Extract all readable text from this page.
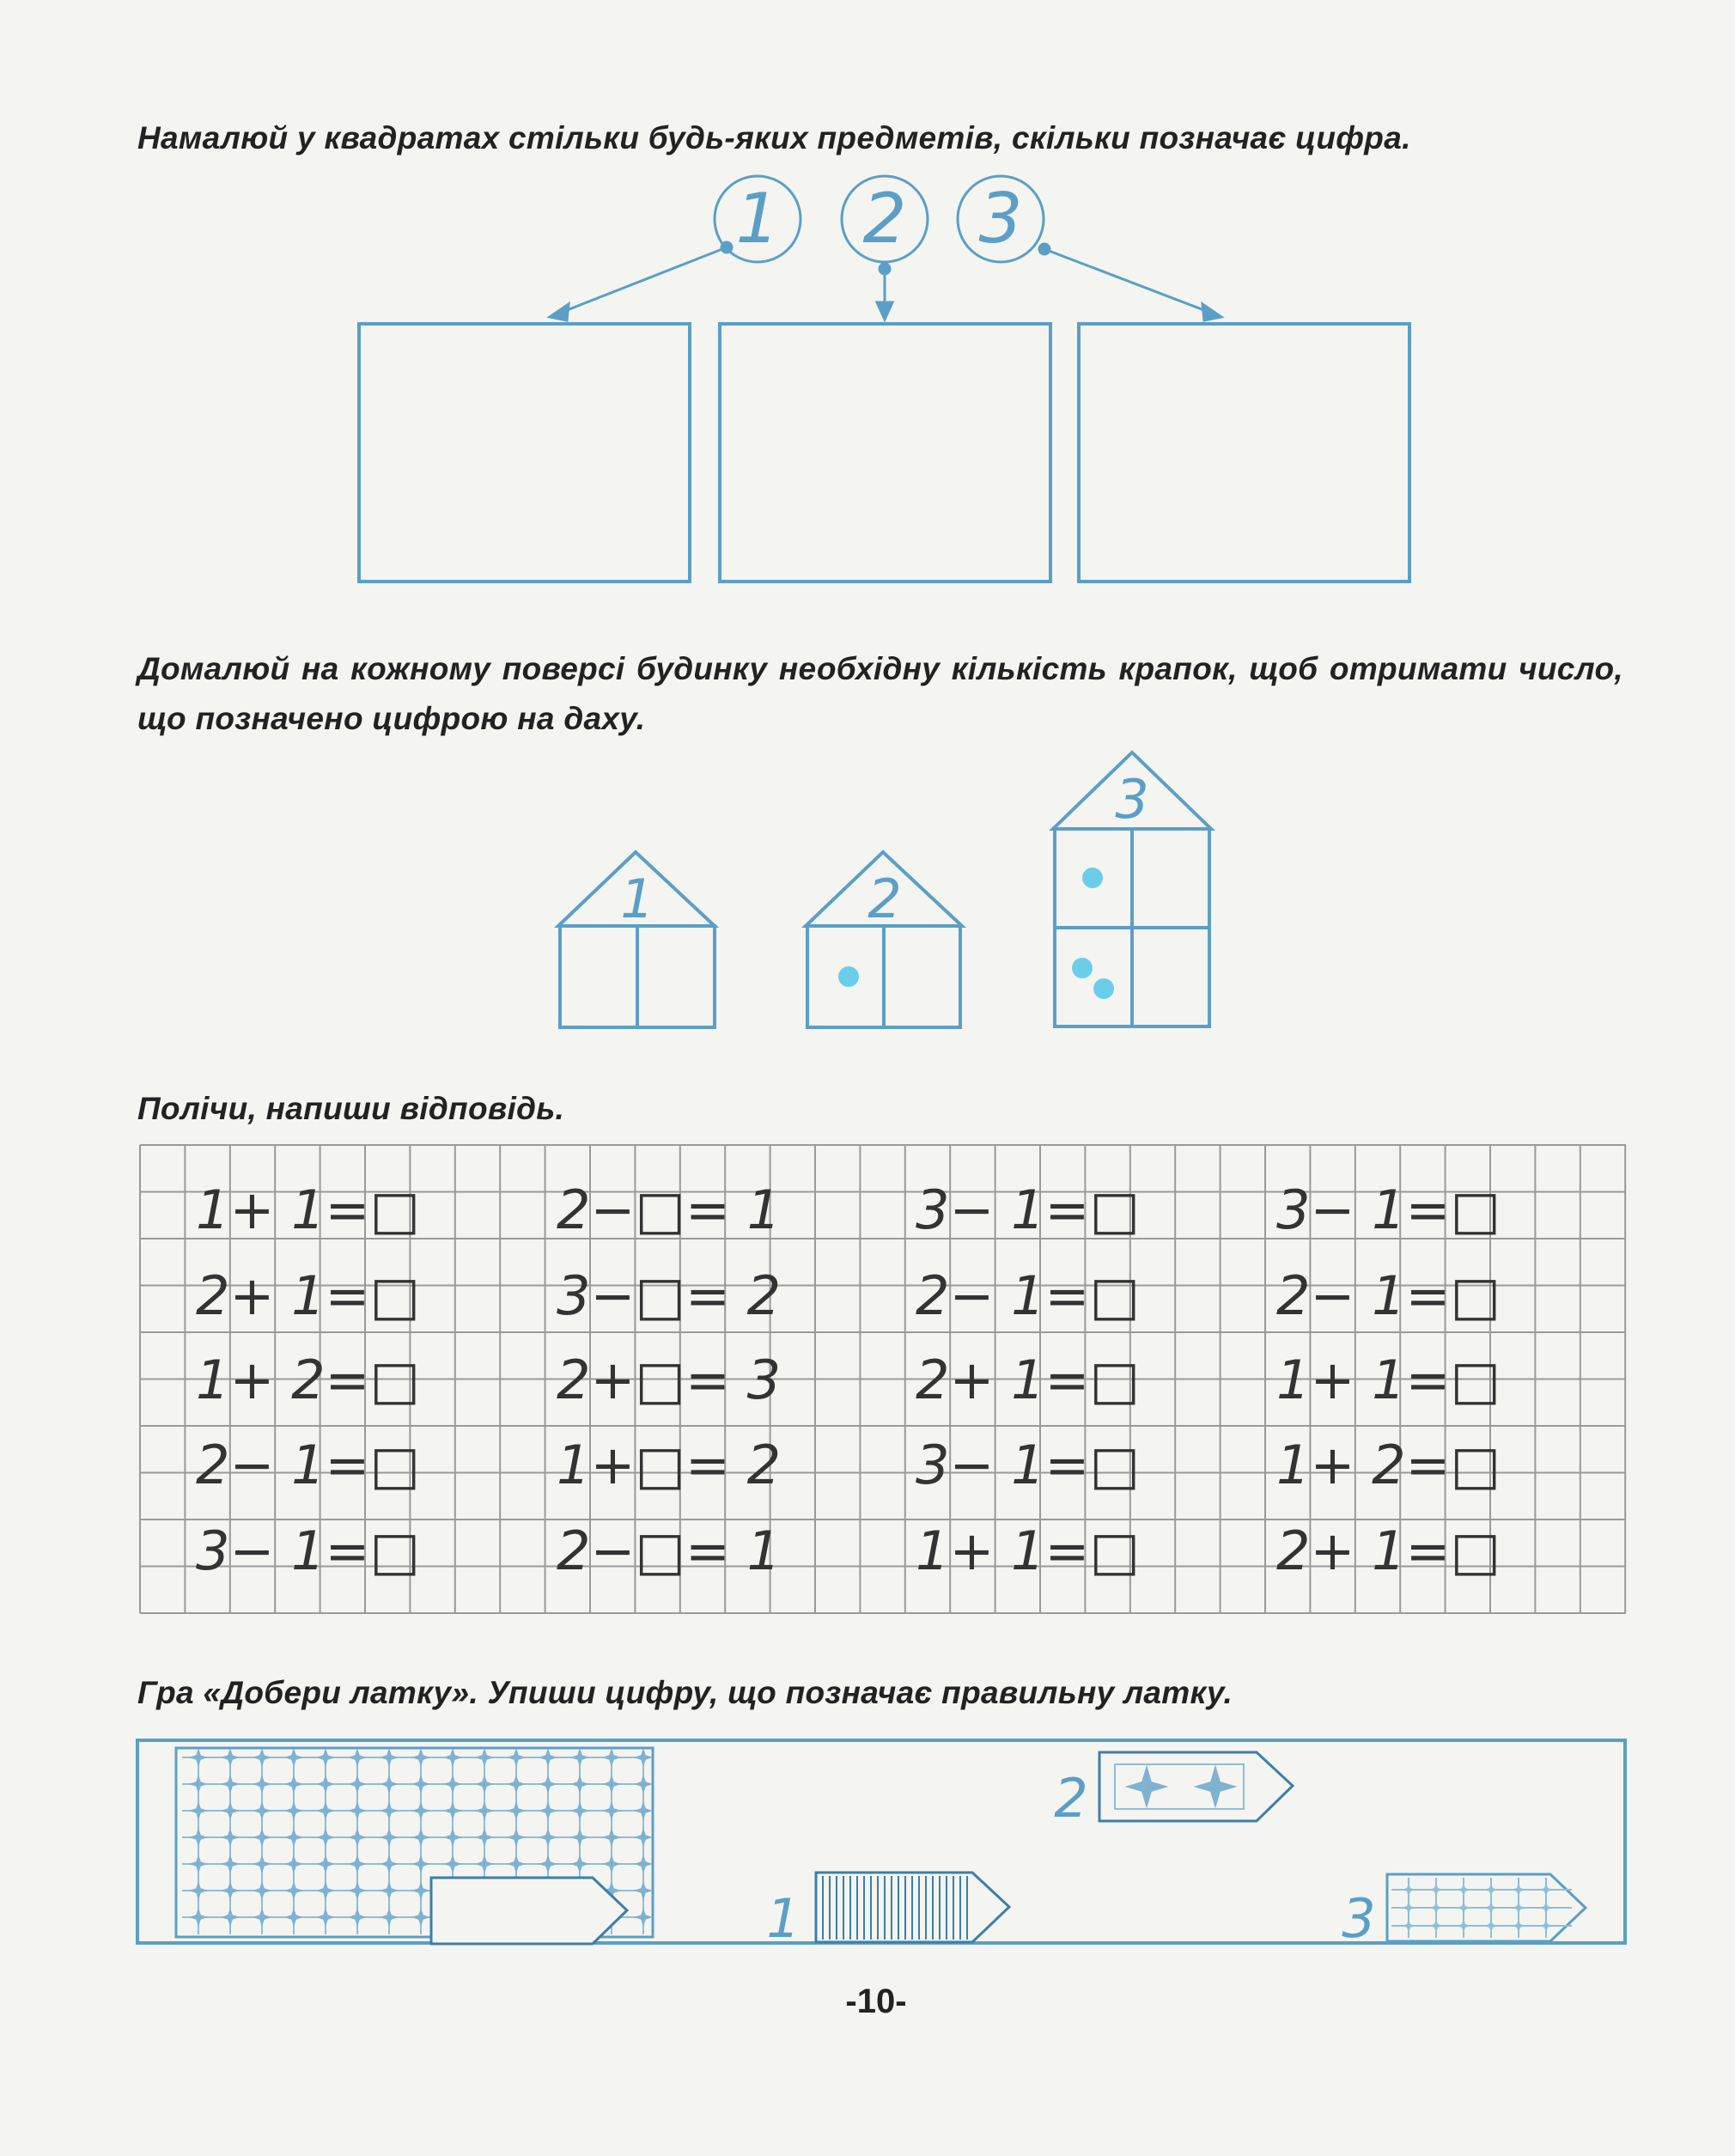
Намалюй у квадратах стільки будь-яких предметів, скільки позначає цифра.
1 2 3
1	2
3
1+ 1=□
2+ 1=□
1+ 2=□
2− 1=□
3− 1=□
2−□= 1
3−□= 2
2+□= 3
1+□= 2
2−□= 1
3− 1=□
2− 1=□
2+ 1=□
3− 1=□
1+ 1=□
3− 1=□
2− 1=□
1+ 1=□
1+ 2=□
2+ 1=□
2
1	3
Домалюй на кожному поверсі будинку необхідну кількість крапок, щоб отримати число, що позначено цифрою на даху.
Полічи, напиши відповідь.
Гра «Добери латку». Упиши цифру, що позначає правильну латку.
-10-
